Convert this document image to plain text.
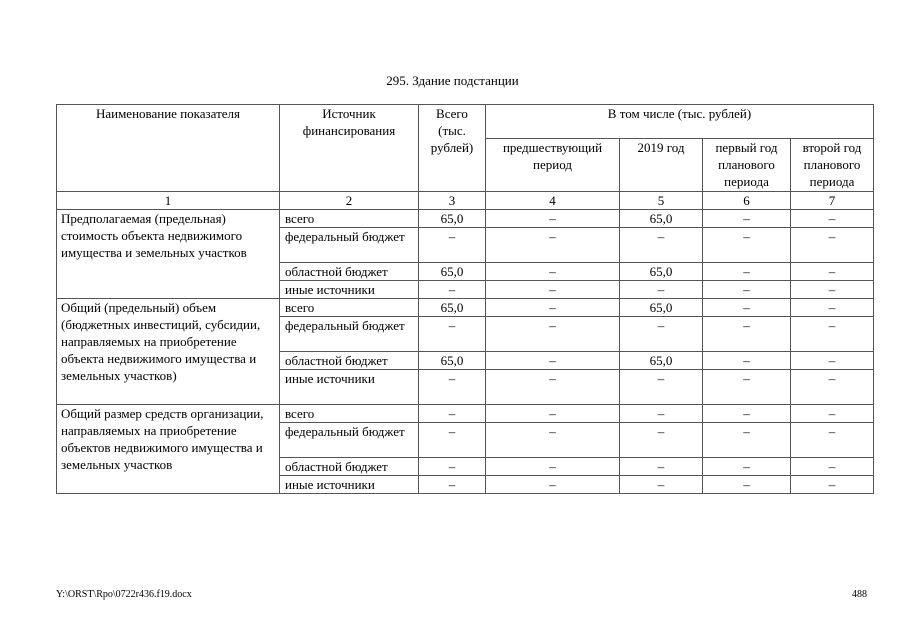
295. Здание подстанции
Наименование показателя	Источник финансирования	Всего (тыс. рублей)	В том числе (тыс. рублей)			
			предшествующий период	2019 год	первый год планового периода	второй год планового периода
1	2	3	4	5	6	7
Предполагаемая (предельная) стоимость объекта недвижимого имущества и земельных участков	всего	65,0	–	65,0	–	–
	федеральный бюджет	–	–	–	–	–
	областной бюджет	65,0	–	65,0	–	–
	иные источники	–	–	–	–	–
Общий (предельный) объем (бюджетных инвестиций, субсидии, направляемых на приобретение объекта недвижимого имущества и земельных участков)	всего	65,0	–	65,0	–	–
	федеральный бюджет	–	–	–	–	–
	областной бюджет	65,0	–	65,0	–	–
	иные источники	–	–	–	–	–
Общий размер средств организации, направляемых на приобретение объектов недвижимого имущества и земельных участков	всего	–	–	–	–	–
	федеральный бюджет	–	–	–	–	–
	областной бюджет	–	–	–	–	–
	иные источники	–	–	–	–	–
Y:\ORST\Rpo\0722r436.f19.docx	488
